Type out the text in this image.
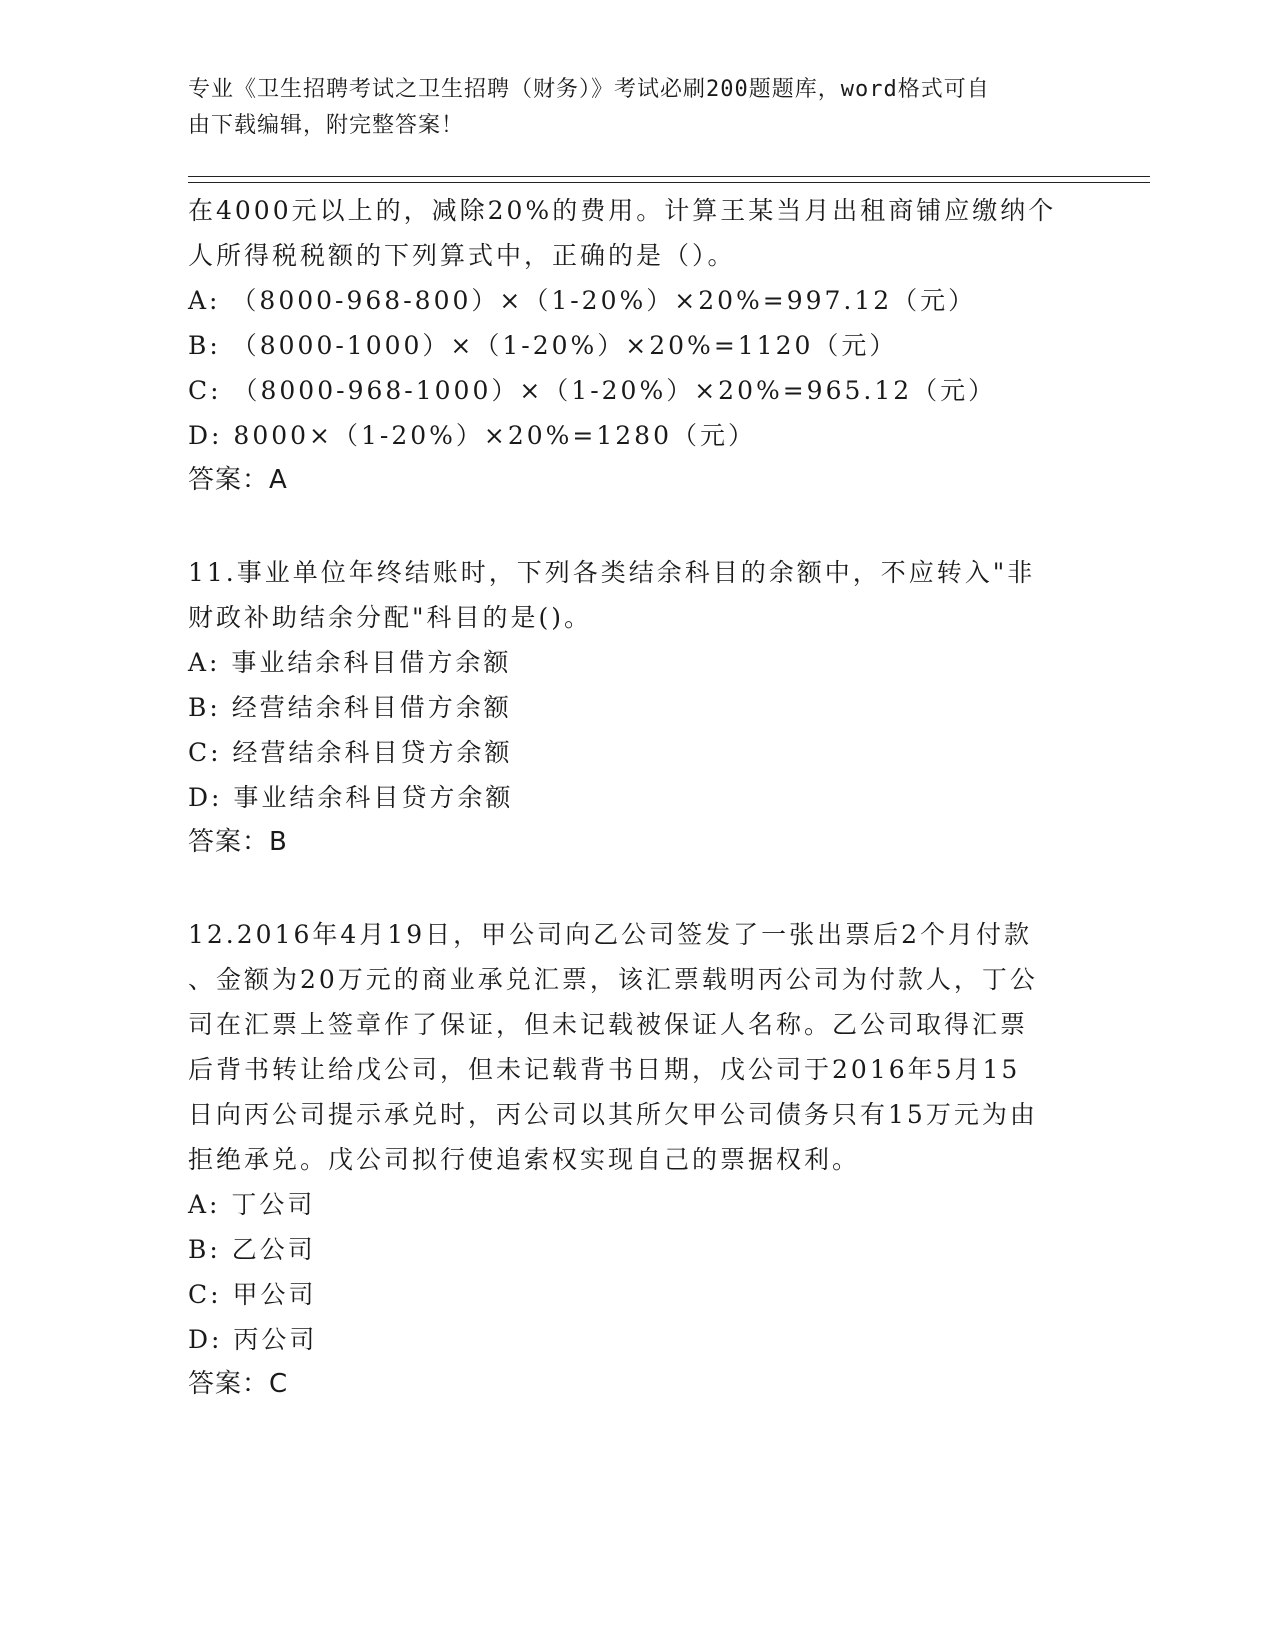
专业《卫生招聘考试之卫生招聘（财务）》考试必刷200题题库，word格式可自
由下载编辑，附完整答案！
在4000元以上的，减除20%的费用。计算王某当月出租商铺应缴纳个
人所得税税额的下列算式中，正确的是（）。
A: （8000-968-800）×（1-20%）×20%=997.12（元）
B: （8000-1000）×（1-20%）×20%=1120（元）
C: （8000-968-1000）×（1-20%）×20%=965.12（元）
D: 8000×（1-20%）×20%=1280（元）
答案：A
11.事业单位年终结账时，下列各类结余科目的余额中，不应转入"非
财政补助结余分配"科目的是()。
A: 事业结余科目借方余额
B: 经营结余科目借方余额
C: 经营结余科目贷方余额
D: 事业结余科目贷方余额
答案：B
12.2016年4月19日，甲公司向乙公司签发了一张出票后2个月付款
、金额为20万元的商业承兑汇票，该汇票载明丙公司为付款人，丁公
司在汇票上签章作了保证，但未记载被保证人名称。乙公司取得汇票
后背书转让给戊公司，但未记载背书日期，戊公司于2016年5月15
日向丙公司提示承兑时，丙公司以其所欠甲公司债务只有15万元为由
拒绝承兑。戊公司拟行使追索权实现自己的票据权利。
A: 丁公司
B: 乙公司
C: 甲公司
D: 丙公司
答案：C
